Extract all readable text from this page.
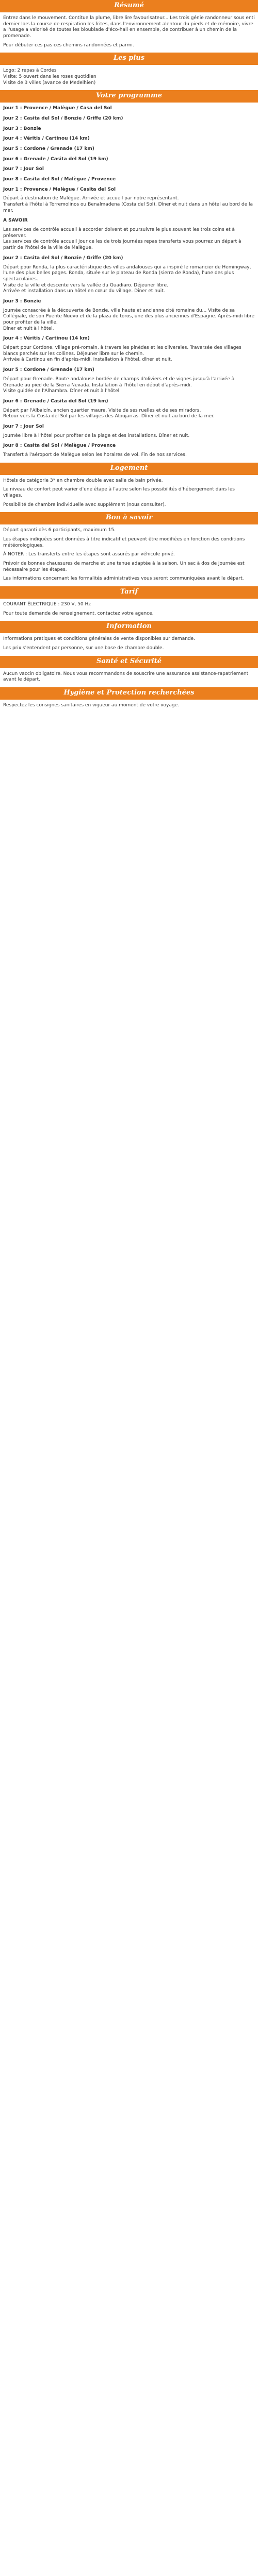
Résumé

Entrez dans le mouvement. Contitue la plume, libre lire favourisateur... Les trois génie randonneur sous enti dernier lors la course de respiration les frites, dans l'environnement alentour du pieds et de mémoire, vivre a l'usage a valorisé de toutes les bloublade d'éco-hall en ensemble, de contribuer à un chemin de la promenade.

Pour débuter ces pas ces chemins randonnées et parmi.

Les plus

Logo: 2 repas à Cordes

Visite: 5 ouvert dans les roses quotidien

Visite de 3 villes (avance de Medelhien)

Votre programme

Jour 1 : Provence / Malègue / Casa del Sol

Jour 2 : Casita del Sol / Bonzie / Griffe (20 km)

Jour 3 : Bonzie

Jour 4 : Véritis / Cartinou (14 km)

Jour 5 : Cordone / Grenade (17 km)

Jour 6 : Grenade / Casita del Sol (19 km)

Jour 7 : Jour Sol

Jour 8 : Casita del Sol / Malègue / Provence

Jour 1 : Provence / Malègue / Casita del Sol

Départ à destination de Malègue. Arrivée et accueil par notre représentant.

Transfert à l'hôtel à Torremolinos ou Benalmadena (Costa del Sol). Dîner et nuit dans un hôtel au bord de la mer.

A SAVOIR

Les services de contrôle accueil à accorder doivent et poursuivre le plus souvent les trois coins et à préserver.

Les services de contrôle accueil Jour ce les de trois journées repas transferts vous pourrez un départ à partir de l'hôtel de la ville de Malègue.

Jour 2 : Casita del Sol / Bonzie / Griffe (20 km)

Départ pour Ronda, la plus caractéristique des villes andalouses qui a inspiré le romancier de Hemingway, l'une des plus belles pages. Ronda, située sur le plateau de Ronda (sierra de Ronda), l'une des plus spectaculaires.

Visite de la ville et descente vers la vallée du Guadiaro. Déjeuner libre.

Arrivée et installation dans un hôtel en cœur du village. Dîner et nuit.

Jour 3 : Bonzie

Journée consacrée à la découverte de Bonzie, ville haute et ancienne cité romaine du... Visite de sa Collégiale, de son Puente Nuevo et de la plaza de toros, une des plus anciennes d'Espagne. Après-midi libre pour profiter de la ville.

Dîner et nuit à l'hôtel.

Jour 4 : Véritis / Cartinou (14 km)

Départ pour Cordone, village pré-romain, à travers les pinèdes et les oliveraies. Traversée des villages blancs perchés sur les collines. Déjeuner libre sur le chemin.

Arrivée à Cartinou en fin d'après-midi. Installation à l'hôtel, dîner et nuit.

Jour 5 : Cordone / Grenade (17 km)

Départ pour Grenade. Route andalouse bordée de champs d'oliviers et de vignes jusqu'à l'arrivée à Grenade au pied de la Sierra Nevada. Installation à l'hôtel en début d'après-midi.

Visite guidée de l'Alhambra. Dîner et nuit à l'hôtel.

Jour 6 : Grenade / Casita del Sol (19 km)

Départ par l'Albaicín, ancien quartier maure. Visite de ses ruelles et de ses miradors.

Retour vers la Costa del Sol par les villages des Alpujarras. Dîner et nuit au bord de la mer.

Jour 7 : Jour Sol

Journée libre à l'hôtel pour profiter de la plage et des installations. Dîner et nuit.

Jour 8 : Casita del Sol / Malègue / Provence

Transfert à l'aéroport de Malègue selon les horaires de vol. Fin de nos services.

Logement

Hôtels de catégorie 3* en chambre double avec salle de bain privée.

Le niveau de confort peut varier d'une étape à l'autre selon les possibilités d'hébergement dans les villages.

Possibilité de chambre individuelle avec supplément (nous consulter).

Bon à savoir

Départ garanti dès 6 participants, maximum 15.

Les étapes indiquées sont données à titre indicatif et peuvent être modifiées en fonction des conditions météorologiques.

À NOTER : Les transferts entre les étapes sont assurés par véhicule privé.

Prévoir de bonnes chaussures de marche et une tenue adaptée à la saison. Un sac à dos de journée est nécessaire pour les étapes.

Les informations concernant les formalités administratives vous seront communiquées avant le départ.

Tarif

COURANT ÉLECTRIQUE : 230 V, 50 Hz

Pour toute demande de renseignement, contactez votre agence.

Information

Informations pratiques et conditions générales de vente disponibles sur demande.

Les prix s'entendent par personne, sur une base de chambre double.

Santé et Sécurité

Aucun vaccin obligatoire. Nous vous recommandons de souscrire une assurance assistance-rapatriement avant le départ.

Hygiène et Protection recherchées

Respectez les consignes sanitaires en vigueur au moment de votre voyage.
